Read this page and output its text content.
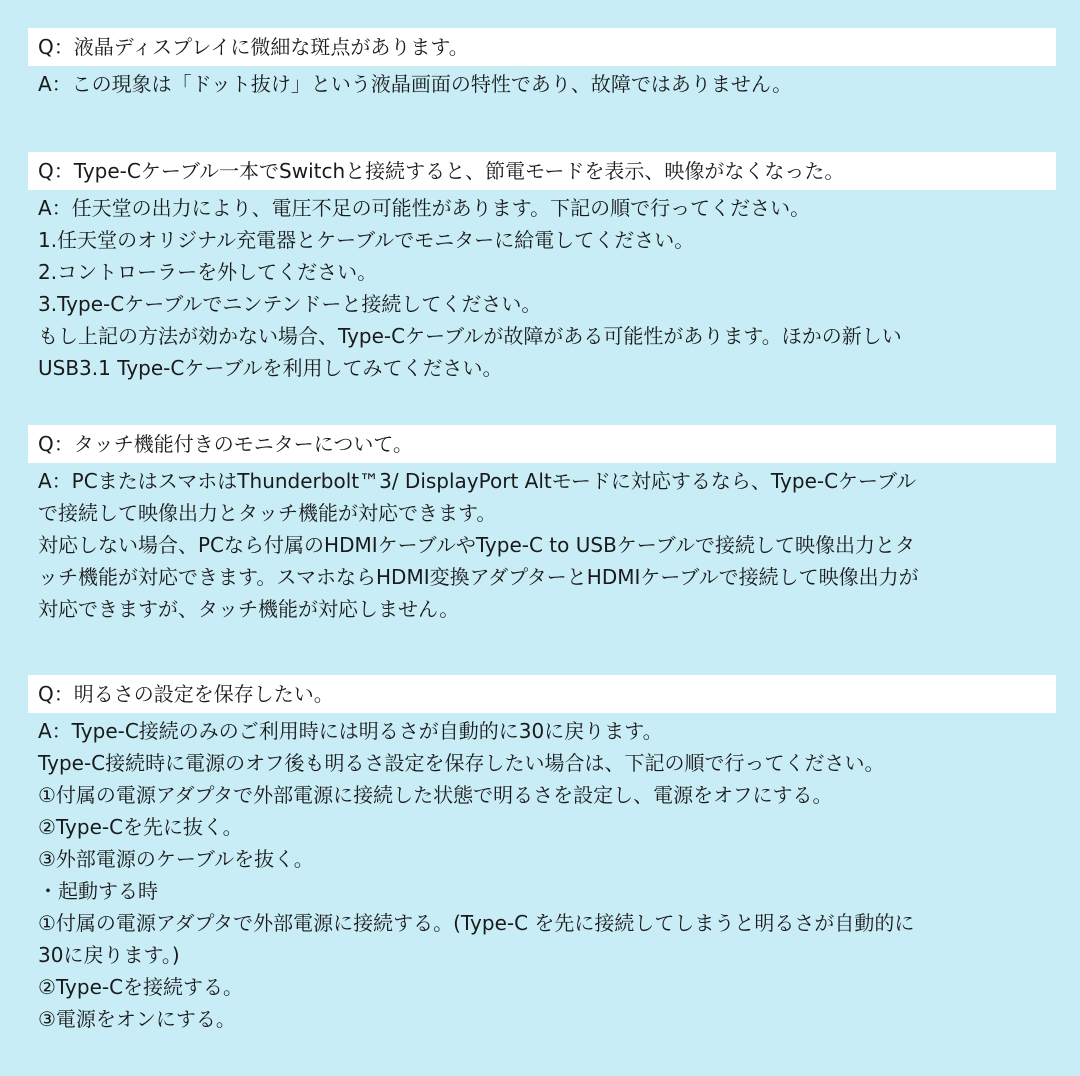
Q：液晶ディスプレイに微細な斑点があります。
A：この現象は「ドット抜け」という液晶画面の特性であり、故障ではありません。
Q：Type-Cケーブル一本でSwitchと接続すると、節電モードを表示、映像がなくなった。
A：任天堂の出力により、電圧不足の可能性があります。下記の順で行ってください。
1.任天堂のオリジナル充電器とケーブルでモニターに給電してください。
2.コントローラーを外してください。
3.Type-Cケーブルでニンテンドーと接続してください。
もし上記の方法が効かない場合、Type-Cケーブルが故障がある可能性があります。ほかの新しい
USB3.1 Type-Cケーブルを利用してみてください。
Q：タッチ機能付きのモニターについて。
A：PCまたはスマホはThunderbolt™3/ DisplayPort Altモードに対応するなら、Type-Cケーブル
で接続して映像出力とタッチ機能が対応できます。
対応しない場合、PCなら付属のHDMIケーブルやType-C to USBケーブルで接続して映像出力とタ
ッチ機能が対応できます。スマホならHDMI変換アダプターとHDMIケーブルで接続して映像出力が
対応できますが、タッチ機能が対応しません。
Q：明るさの設定を保存したい。
A：Type-C接続のみのご利用時には明るさが自動的に30に戻ります。
Type-C接続時に電源のオフ後も明るさ設定を保存したい場合は、下記の順で行ってください。
①付属の電源アダプタで外部電源に接続した状態で明るさを設定し、電源をオフにする。
②Type-Cを先に抜く。
③外部電源のケーブルを抜く。
・起動する時
①付属の電源アダプタで外部電源に接続する。(Type-C を先に接続してしまうと明るさが自動的に
30に戻ります。)
②Type-Cを接続する。
③電源をオンにする。
